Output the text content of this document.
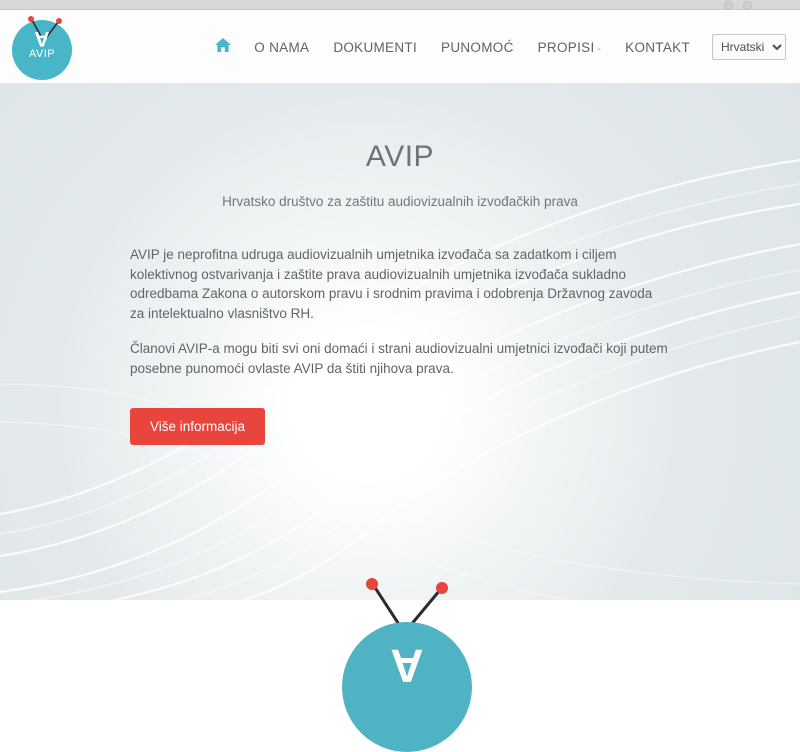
A
AVIP	O NAMA	DOKUMENTI	PUNOMOĆ	PROPISI -	KONTAKT
Hrvatski
AVIP
Hrvatsko društvo za zaštitu audiovizualnih izvođačkih prava

AVIP je neprofitna udruga audiovizualnih umjetnika izvođača sa zadatkom i ciljem kolektivnog ostvarivanja i zaštite prava audiovizualnih umjetnika izvođača sukladno odredbama Zakona o autorskom pravu i srodnim pravima i odobrenja Državnog zavoda za intelektualno vlasništvo RH.

Članovi AVIP-a mogu biti svi oni domaći i strani audiovizualni umjetnici izvođači koji putem posebne punomoći ovlaste AVIP da štiti njihova prava.

Više informacija
A
